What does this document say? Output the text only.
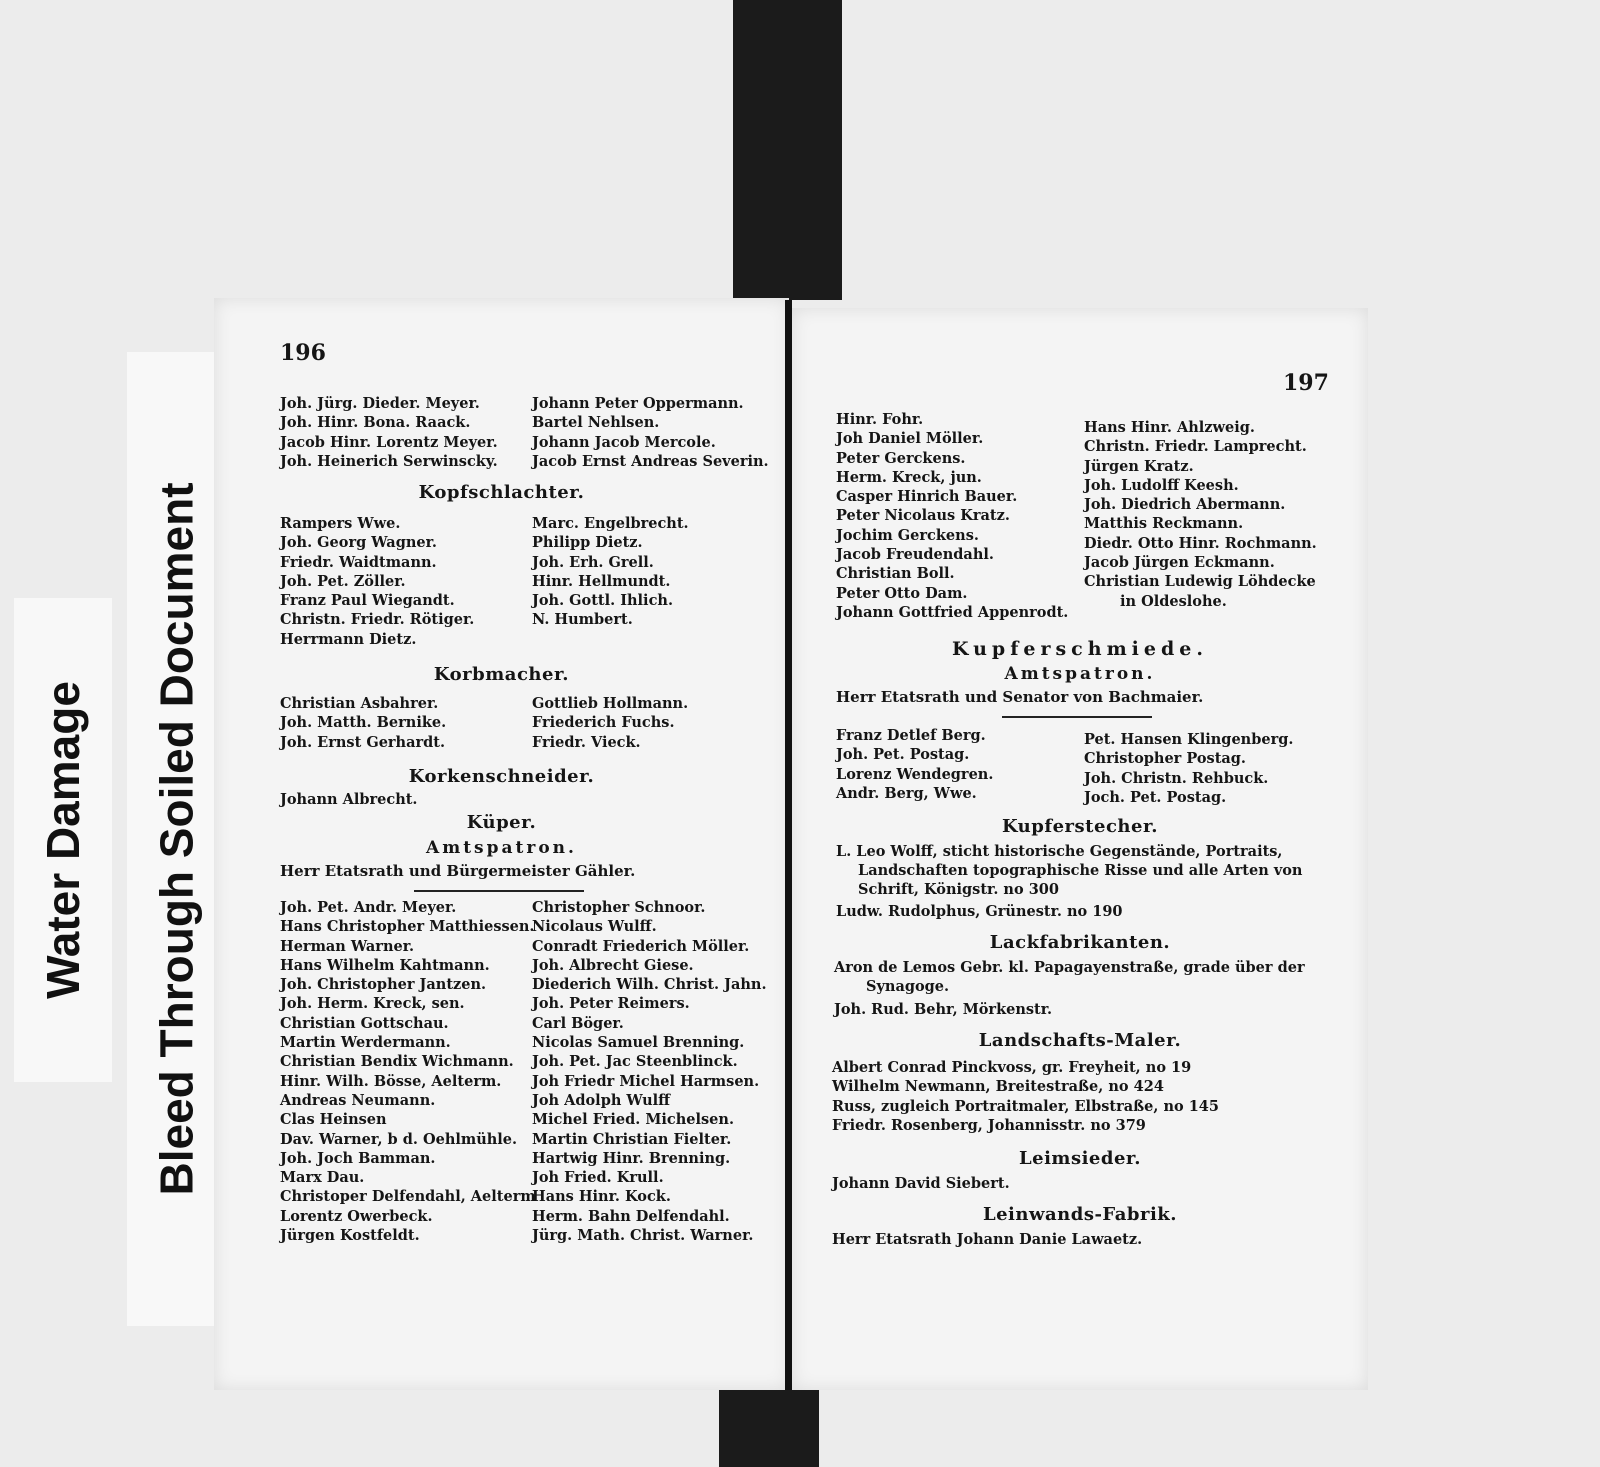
Water Damage Bleed Through Soiled Document
196
Joh. Jürg. Dieder. Meyer.
Joh. Hinr. Bona. Raack.
Jacob Hinr. Lorentz Meyer.
Joh. Heinerich Serwinscky.
Johann Peter Oppermann.
Bartel Nehlsen.
Johann Jacob Mercole.
Jacob Ernst Andreas Severin.
Kopfschlachter.
Rampers Wwe.
Joh. Georg Wagner.
Friedr. Waidtmann.
Joh. Pet. Zöller.
Franz Paul Wiegandt.
Christn. Friedr. Rötiger.
Herrmann Dietz.
Marc. Engelbrecht.
Philipp Dietz.
Joh. Erh. Grell.
Hinr. Hellmundt.
Joh. Gottl. Ihlich.
N. Humbert.
Korbmacher.
Christian Asbahrer.
Joh. Matth. Bernike.
Joh. Ernst Gerhardt.
Gottlieb Hollmann.
Friederich Fuchs.
Friedr. Vieck.
Korkenschneider.
Johann Albrecht.
Küper.
Amtspatron.
Herr Etatsrath und Bürgermeister Gähler.
Joh. Pet. Andr. Meyer.
Hans Christopher Matthiessen.
Herman Warner.
Hans Wilhelm Kahtmann.
Joh. Christopher Jantzen.
Joh. Herm. Kreck, sen.
Christian Gottschau.
Martin Werdermann.
Christian Bendix Wichmann.
Hinr. Wilh. Bösse, Aelterm.
Andreas Neumann.
Clas Heinsen
Dav. Warner, b d. Oehlmühle.
Joh. Joch Bamman.
Marx Dau.
Christoper Delfendahl, Aelterm
Lorentz Owerbeck.
Jürgen Kostfeldt.
Christopher Schnoor.
Nicolaus Wulff.
Conradt Friederich Möller.
Joh. Albrecht Giese.
Diederich Wilh. Christ. Jahn.
Joh. Peter Reimers.
Carl Böger.
Nicolas Samuel Brenning.
Joh. Pet. Jac Steenblinck.
Joh Friedr Michel Harmsen.
Joh Adolph Wulff
Michel Fried. Michelsen.
Martin Christian Fielter.
Hartwig Hinr. Brenning.
Joh Fried. Krull.
Hans Hinr. Kock.
Herm. Bahn Delfendahl.
Jürg. Math. Christ. Warner.
197
Hinr. Fohr.
Joh Daniel Möller.
Peter Gerckens.
Herm. Kreck, jun.
Casper Hinrich Bauer.
Peter Nicolaus Kratz.
Jochim Gerckens.
Jacob Freudendahl.
Christian Boll.
Peter Otto Dam.
Johann Gottfried Appenrodt.
Hans Hinr. Ahlzweig.
Christn. Friedr. Lamprecht.
Jürgen Kratz.
Joh. Ludolff Keesh.
Joh. Diedrich Abermann.
Matthis Reckmann.
Diedr. Otto Hinr. Rochmann.
Jacob Jürgen Eckmann.
Christian Ludewig Löhdecke
in Oldeslohe.
Kupferschmiede.
Amtspatron.
Herr Etatsrath und Senator von Bachmaier.
Franz Detlef Berg.
Joh. Pet. Postag.
Lorenz Wendegren.
Andr. Berg, Wwe.
Pet. Hansen Klingenberg.
Christopher Postag.
Joh. Christn. Rehbuck.
Joch. Pet. Postag.
Kupferstecher.
L. Leo Wolff, sticht historische Gegenstände, Portraits, Landschaften topographische Risse und alle Arten von Schrift, Königstr. no 300
Ludw. Rudolphus, Grünestr. no 190
Lackfabrikanten.
Aron de Lemos Gebr. kl. Papagayenstraße, grade über der Synagoge.
Joh. Rud. Behr, Mörkenstr.
Landschafts-Maler.
Albert Conrad Pinckvoss, gr. Freyheit, no 19
Wilhelm Newmann, Breitestraße, no 424
Russ, zugleich Portraitmaler, Elbstraße, no 145
Friedr. Rosenberg, Johannisstr. no 379
Leimsieder.
Johann David Siebert.
Leinwands-Fabrik.
Herr Etatsrath Johann Danie Lawaetz.
